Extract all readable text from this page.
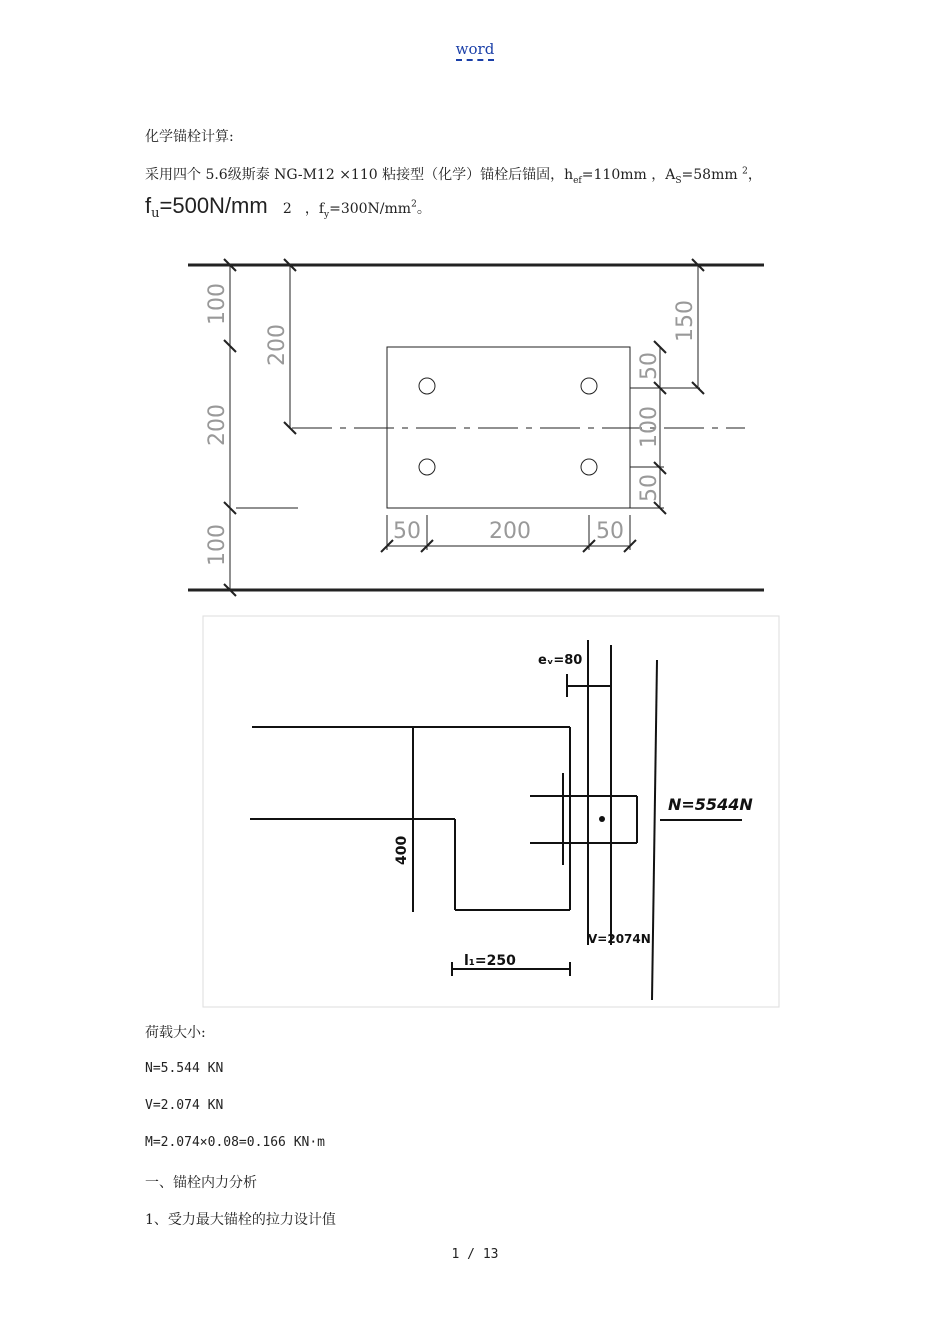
word
化学锚栓计算:
采用四个 5.6级斯泰 NG-M12 ×110 粘接型（化学）锚栓后锚固，$h_{ef}=110mm$ ，$A_S=58mm$ $^2$，
$f_u=500N/mm$ 2 ，$f_y=300N/mm^2$。
100
200
100
200
150
50
100
50
50	200	50
eᵥ=80
N=5544N
V=2074N
400
l₁=250
荷载大小:
N=5.544 KN
V=2.074 KN
M=2.074×0.08=0.166 KN·m
一、锚栓内力分析
1、受力最大锚栓的拉力设计值
1 / 13
